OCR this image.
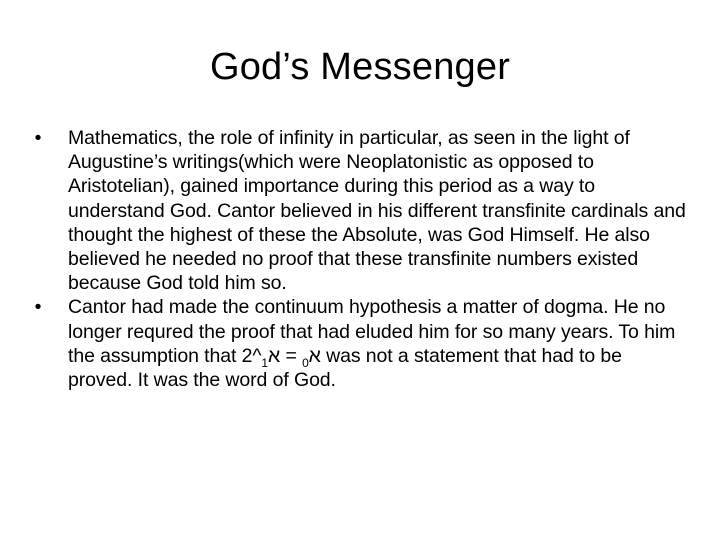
God’s Messenger
•	Mathematics, the role of infinity in particular, as seen in the light of Augustine’s writings(which were Neoplatonistic as opposed to Aristotelian), gained importance during this period as a way to understand God. Cantor believed in his different transfinite cardinals and thought the highest of these the Absolute, was God Himself. He also believed he needed no proof that these transfinite numbers existed because God told him so.
•	Cantor had made the continuum hypothesis a matter of dogma. He no longer requred the proof that had eluded him for so many years. To him the assumption that 2^א$_0$ = א$_1$	was not a statement that had to be proved. It was the word of God.
